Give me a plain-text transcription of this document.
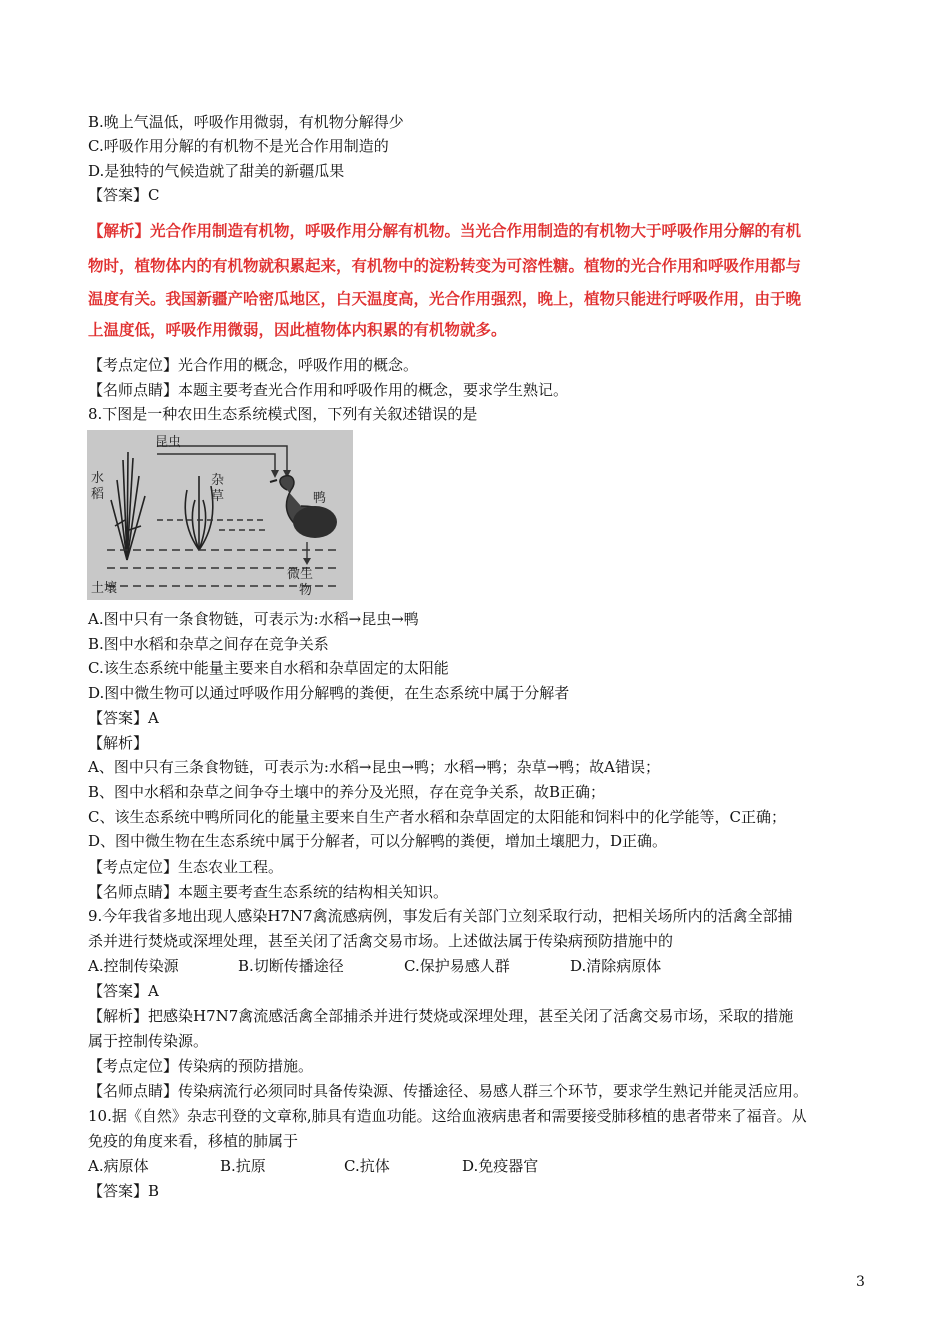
B.晚上气温低，呼吸作用微弱，有机物分解得少
C.呼吸作用分解的有机物不是光合作用制造的
D.是独特的气候造就了甜美的新疆瓜果
【答案】C
【解析】光合作用制造有机物，呼吸作用分解有机物。当光合作用制造的有机物大于呼吸作用分解的有机
物时，植物体内的有机物就积累起来，有机物中的淀粉转变为可溶性糖。植物的光合作用和呼吸作用都与
温度有关。我国新疆产哈密瓜地区，白天温度高，光合作用强烈，晚上，植物只能进行呼吸作用，由于晚
上温度低，呼吸作用微弱，因此植物体内积累的有机物就多。
【考点定位】光合作用的概念，呼吸作用的概念。
【名师点睛】本题主要考查光合作用和呼吸作用的概念，要求学生熟记。
8.下图是一种农田生态系统模式图，下列有关叙述错误的是
昆虫
水
稻
杂
草	鸭
土壤
微生
物
A.图中只有一条食物链，可表示为:水稻→昆虫→鸭
B.图中水稻和杂草之间存在竞争关系
C.该生态系统中能量主要来自水稻和杂草固定的太阳能
D.图中微生物可以通过呼吸作用分解鸭的粪便，在生态系统中属于分解者
【答案】A
【解析】
A、图中只有三条食物链，可表示为:水稻→昆虫→鸭；水稻→鸭；杂草→鸭；故A错误；
B、图中水稻和杂草之间争夺土壤中的养分及光照，存在竞争关系，故B正确；
C、该生态系统中鸭所同化的能量主要来自生产者水稻和杂草固定的太阳能和饲料中的化学能等，C正确；
D、图中微生物在生态系统中属于分解者，可以分解鸭的粪便，增加土壤肥力，D正确。
【考点定位】生态农业工程。
【名师点睛】本题主要考查生态系统的结构相关知识。
9.今年我省多地出现人感染H7N7禽流感病例，事发后有关部门立刻采取行动，把相关场所内的活禽全部捕
杀并进行焚烧或深埋处理，甚至关闭了活禽交易市场。上述做法属于传染病预防措施中的
A.控制传染源	B.切断传播途径	C.保护易感人群	D.清除病原体
【答案】A
【解析】把感染H7N7禽流感活禽全部捕杀并进行焚烧或深埋处理，甚至关闭了活禽交易市场，采取的措施
属于控制传染源。
【考点定位】传染病的预防措施。
【名师点睛】传染病流行必须同时具备传染源、传播途径、易感人群三个环节，要求学生熟记并能灵活应用。
10.据《自然》杂志刊登的文章称,肺具有造血功能。这给血液病患者和需要接受肺移植的患者带来了福音。从
免疫的角度来看，移植的肺属于
A.病原体	B.抗原	C.抗体	D.免疫器官
【答案】B
3
